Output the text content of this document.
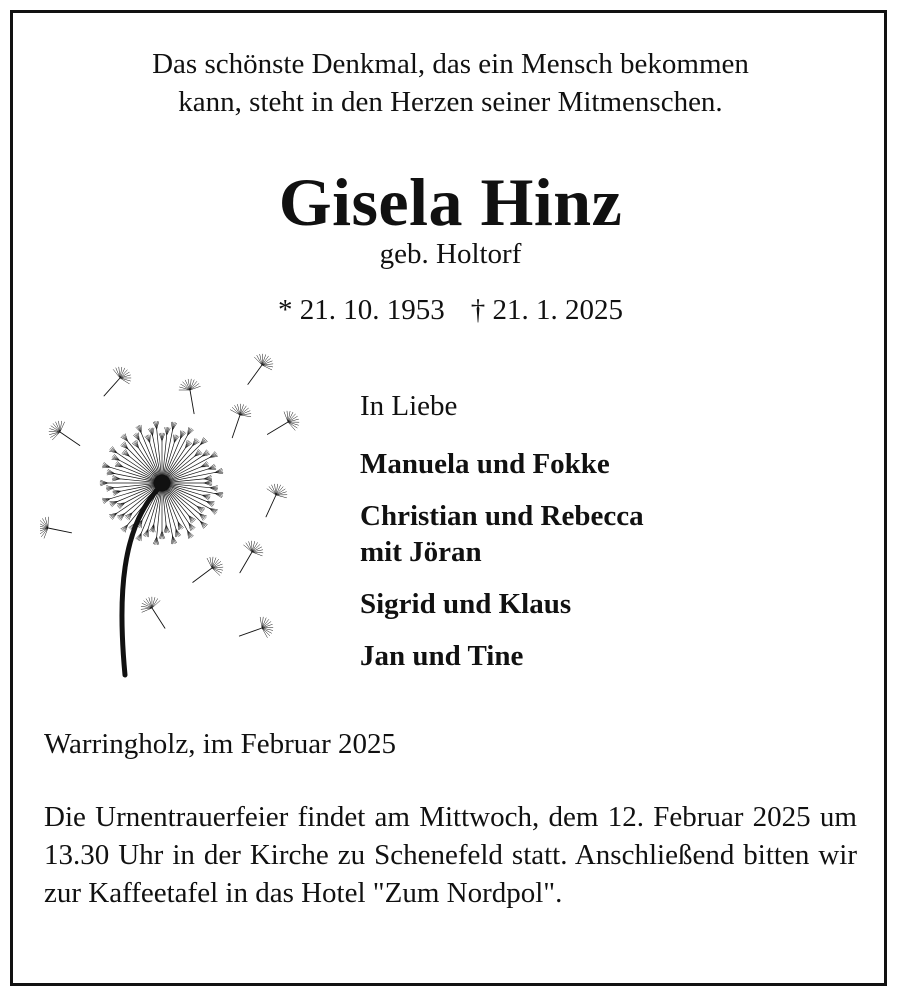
Das schönste Denkmal, das ein Mensch bekommen
kann, steht in den Herzen seiner Mitmenschen.
Gisela Hinz
geb. Holtorf
* 21. 10. 1953 † 21. 1. 2025
In Liebe
Manuela und Fokke
Christian und Rebecca
mit Jöran
Sigrid und Klaus
Jan und Tine
Warringholz, im Februar 2025
Die Urnentrauerfeier findet am Mittwoch, dem 12. Februar 2025 um 13.30 Uhr in der Kirche zu Schenefeld statt. Anschließend bitten wir zur Kaffeetafel in das Hotel "Zum Nordpol".
